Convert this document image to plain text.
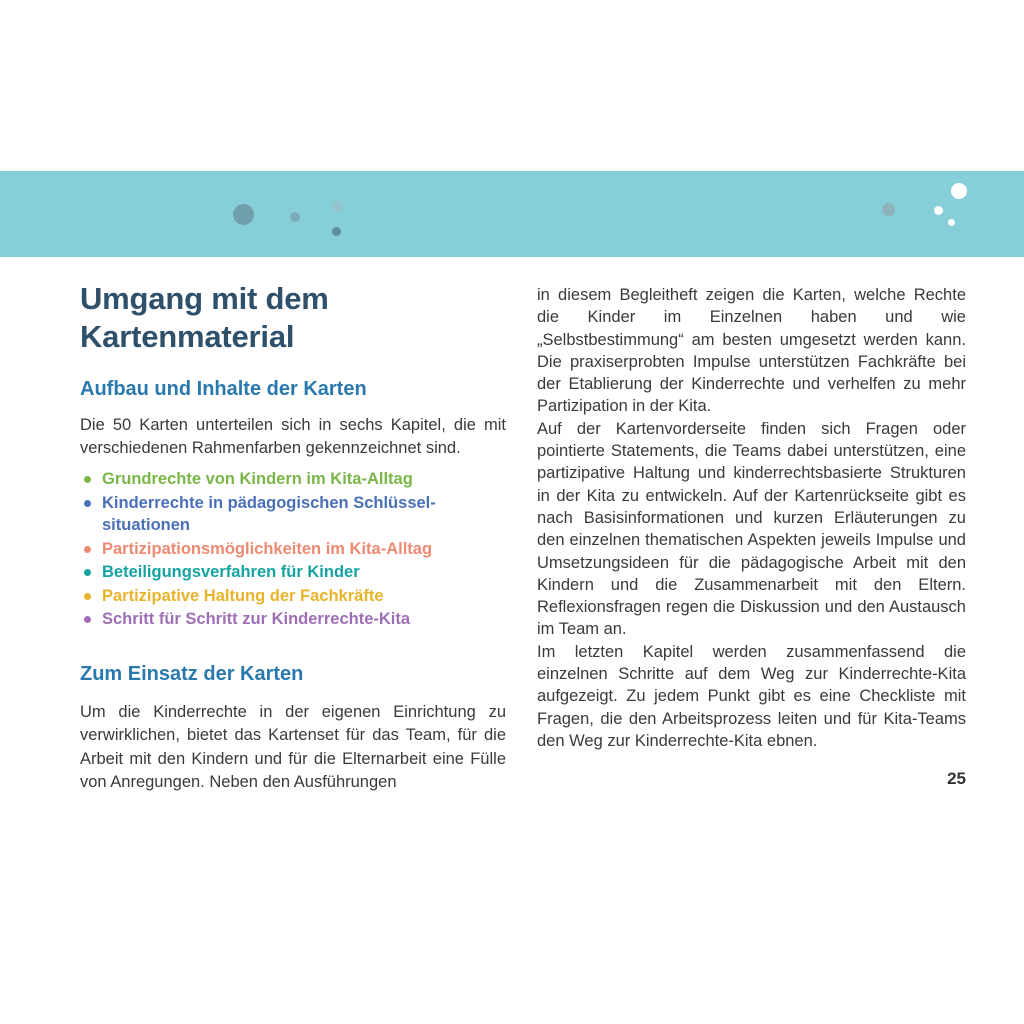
Umgang mit dem Kartenmaterial
Aufbau und Inhalte der Karten

Die 50 Karten unterteilen sich in sechs Kapitel, die mit verschiedenen Rahmenfarben gekennzeichnet sind.

Grundrechte von Kindern im Kita-Alltag
Kinderrechte in pädagogischen Schlüsselsituationen
Partizipationsmöglichkeiten im Kita-Alltag
Beteiligungsverfahren für Kinder
Partizipative Haltung der Fachkräfte
Schritt für Schritt zur Kinderrechte-Kita
Zum Einsatz der Karten

Um die Kinderrechte in der eigenen Einrichtung zu verwirklichen, bietet das Kartenset für das Team, für die Arbeit mit den Kindern und für die Elternarbeit eine Fülle von Anregungen. Neben den Ausführungen

in diesem Begleitheft zeigen die Karten, welche Rechte die Kinder im Einzelnen haben und wie „Selbstbestimmung“ am besten umgesetzt werden kann. Die praxiserprobten Impulse unterstützen Fachkräfte bei der Etablierung der Kinderrechte und verhelfen zu mehr Partizipation in der Kita.

Auf der Kartenvorderseite finden sich Fragen oder pointierte Statements, die Teams dabei unterstützen, eine partizipative Haltung und kinderrechtsbasierte Strukturen in der Kita zu entwickeln. Auf der Kartenrückseite gibt es nach Basisinformationen und kurzen Erläuterungen zu den einzelnen thematischen Aspekten jeweils Impulse und Umsetzungsideen für die pädagogische Arbeit mit den Kindern und die Zusammenarbeit mit den Eltern. Reflexionsfragen regen die Diskussion und den Austausch im Team an.

Im letzten Kapitel werden zusammenfassend die einzelnen Schritte auf dem Weg zur Kinderrechte-Kita aufgezeigt. Zu jedem Punkt gibt es eine Checkliste mit Fragen, die den Arbeitsprozess leiten und für Kita-Teams den Weg zur Kinderrechte-Kita ebnen.

25
